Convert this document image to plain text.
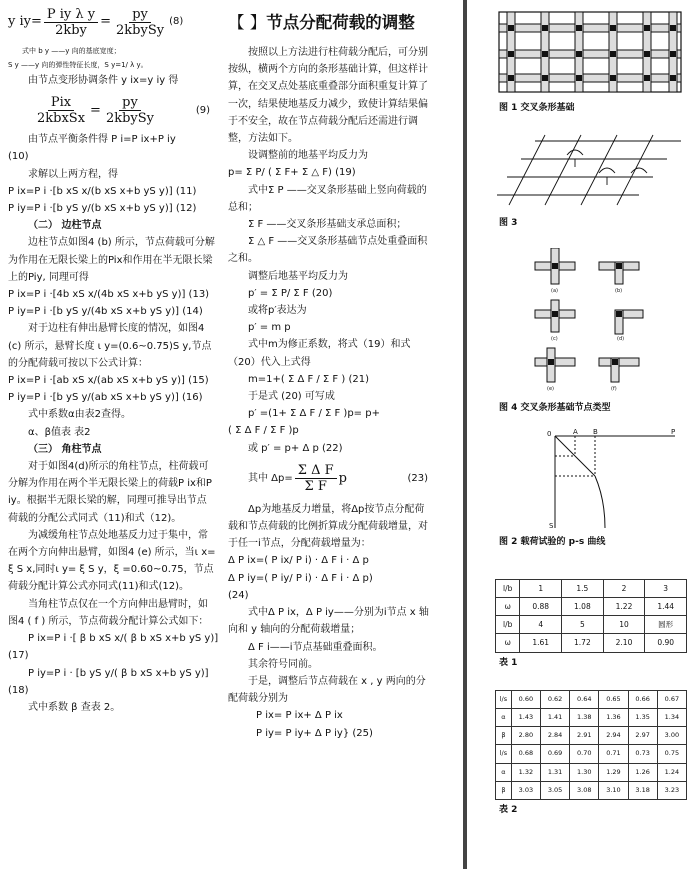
y $iy= \frac{\text{P iy λ y}}{\text{2kby}} = \frac{py}{\text{2kbySy}} (8)$

式中 b y ——y 向的基底宽度；

S y ——y 向的弹性特征长度，S y=1/ λ y。

由节点变形协调条件 y ix=y iy 得

$\frac{\text{Pix}}{\text{2kbxSx}} = \frac{py}{\text{2kbySy}}$	(9)

由节点平衡条件得 P i=P ix+P iy

(10)

求解以上两方程，得

P ix=P i ·[b xS x/(b xS x+b yS y)] (11)

P iy=P i ·[b yS y/(b xS x+b yS y)] (12)

（二） 边柱节点

边柱节点如图4 (b) 所示，节点荷载可分解为作用在无限长梁上的Pix和作用在半无限长梁上的Piy, 同理可得

P ix=P i ·[4b xS x/(4b xS x+b yS y)] (13)

P iy=P i ·[b yS y/(4b xS x+b yS y)] (14)

对于边柱有伸出悬臂长度的情况，如图4 (c) 所示，悬臂长度 ι y=(0.6~0.75)S y,节点的分配荷载可按以下公式计算：

P ix=P i ·[ab xS x/(ab xS x+b yS y)] (15)

P iy=P i ·[b yS y/(ab xS x+b yS y)] (16)

式中系数α由表2查得。

α、β值表 表2

（三） 角柱节点

对于如图4(d)所示的角柱节点，柱荷载可分解为作用在两个半无限长梁上的荷载P ix和P iy。根据半无限长梁的解，同理可推导出节点荷载的分配公式同式（11)和式（12)。

为减缓角柱节点处地基反力过于集中，常在两个方向伸出悬臂，如图4 (e) 所示，当ι x= ξ S x,同时ι y= ξ S y，ξ =0.60~0.75，节点荷载分配计算公式亦同式(11)和式(12)。

当角柱节点仅在一个方向伸出悬臂时，如图4 ( f ) 所示，节点荷载分配计算公式如下：

P ix=P i ·[ β b xS x/( β b xS x+b yS y)]

(17)

P iy=P i · [b yS y/( β b xS x+b yS y)]

(18)

式中系数 β 查表 2。

【 】节点分配荷载的调整

按照以上方法进行柱荷载分配后，可分别按纵，横两个方向的条形基础计算，但这样计算，在交叉点处基底重叠部分面积重复计算了一次，结果使地基反力减少，致使计算结果偏于不安全，故在节点荷载分配后还需进行调整，方法如下。

设调整前的地基平均反力为

p= Σ P/ ( Σ F+ Σ △ F) (19)

式中Σ P ——交叉条形基础上竖向荷载的总和；

Σ F ——交叉条形基础支承总面积；

Σ △ F ——交叉条形基础节点处重叠面积之和。

调整后地基平均反力为

p′ = Σ P/ Σ F (20)

或将p′表达为

p′ = m p

式中m为修正系数，将式（19）和式（20）代入上式得

m=1+( Σ Δ F / Σ F ) (21)

于是式 (20) 可写成

p′ =(1+ Σ Δ F / Σ F )p= p+

( Σ Δ F / Σ F )p

或 p′ = p+ Δ p (22)

其中 $\Delta p= \frac{\text{Σ Δ F}}{\text{Σ F}}$ p	(23)

Δp为地基反力增量，将Δp按节点分配荷载和节点荷载的比例折算成分配荷载增量，对于任一i节点，分配荷载增量为：

Δ P ix=( P ix/ P i) · Δ F i · Δ p

Δ P iy=( P iy/ P i) · Δ F i · Δ p)

(24)

式中Δ P ix，Δ P iy——分别为i节点 x 轴向和 y 轴向的分配荷载增量；

Δ F i——i节点基础重叠面积。

其余符号同前。

于是，调整后节点荷载在 x , y 两向的分配荷载分别为

P ix= P ix+ Δ P ix

P iy= P iy+ Δ P iy} (25)

图 1 交叉条形基础

图 3

(a)	(b)
(c)	(d)
(e)	(f)

图 4 交叉条形基础节点类型

0	A B	P
S

图 2 载荷试验的 p-s 曲线

l/b	1	1.5	2	3
ω	0.88	1.08	1.22	1.44
l/b	4	5	10	圆形
ω	1.61	1.72	2.10	0.90

表 1

l/s	0.60	0.62	0.64	0.65	0.66	0.67
α	1.43	1.41	1.38	1.36	1.35	1.34
β	2.80	2.84	2.91	2.94	2.97	3.00
l/s	0.68	0.69	0.70	0.71	0.73	0.75
α	1.32	1.31	1.30	1.29	1.26	1.24
β	3.03	3.05	3.08	3.10	3.18	3.23

表 2
